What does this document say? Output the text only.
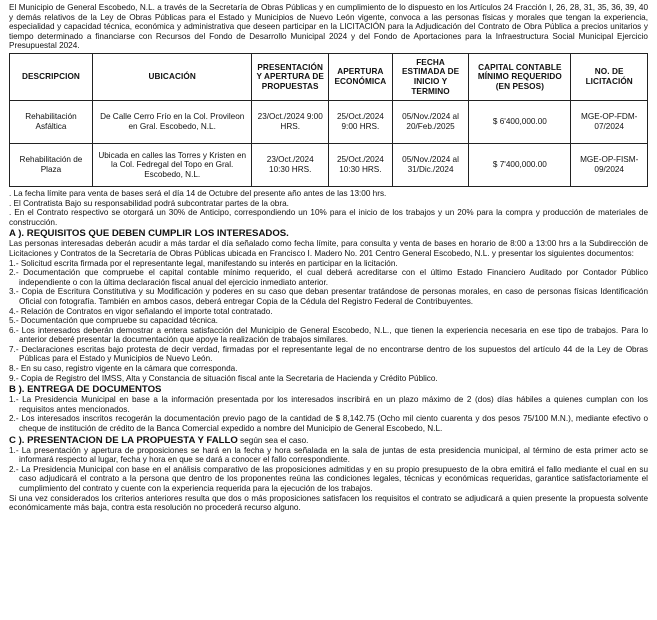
El Municipio de General Escobedo, N.L. a través de la Secretaría de Obras Públicas y en cumplimiento de lo dispuesto en los Artículos 24 Fracción I, 26, 28, 31, 35, 36, 39, 40 y demás relativos de la Ley de Obras Públicas para el Estado y Municipios de Nuevo León vigente, convoca a las personas físicas y morales que tengan la experiencia, especialidad y capacidad técnica, económica y administrativa que deseen participar en la LICITACIÓN para la Adjudicación del Contrato de Obra Pública a precios unitarios y tiempo determinado a financiarse con Recursos del Fondo de Desarrollo Municipal 2024 y del Fondo de Aportaciones para la Infraestructura Social Municipal Ejercicio Presupuestal 2024.

DESCRIPCION	UBICACIÓN	PRESENTACIÓN Y APERTURA DE PROPUESTAS	APERTURA ECONÓMICA	FECHA ESTIMADA DE INICIO Y TERMINO	CAPITAL CONTABLE MÍNIMO REQUERIDO (EN PESOS)	NO. DE LICITACIÓN
Rehabilitación Asfáltica	De Calle Cerro Frío en la Col. Provileon en Gral. Escobedo, N.L.	23/Oct./2024 9:00 HRS.	25/Oct./2024 9:00 HRS.	05/Nov./2024 al 20/Feb./2025	$ 6'400,000.00	MGE-OP-FDM-07/2024
Rehabilitación de Plaza	Ubicada en calles las Torres y Kristen en la Col. Fedregal del Topo en Gral. Escobedo, N.L.	23/Oct./2024 10:30 HRS.	25/Oct./2024 10:30 HRS.	05/Nov./2024 al 31/Dic./2024	$ 7'400,000.00	MGE-OP-FISM-09/2024

. La fecha límite para venta de bases será el día 14 de Octubre del presente año antes de las 13:00 hrs.

. El Contratista Bajo su responsabilidad podrá subcontratar partes de la obra.

. En el Contrato respectivo se otorgará un 30% de Anticipo, correspondiendo un 10% para el inicio de los trabajos y un 20% para la compra y producción de materiales de construcción.

A ). REQUISITOS QUE DEBEN CUMPLIR LOS INTERESADOS.

Las personas interesadas deberán acudir a más tardar el día señalado como fecha límite, para consulta y venta de bases en horario de 8:00 a 13:00 hrs a la Subdirección de Licitaciones y Contratos de la Secretaría de Obras Públicas ubicada en Francisco I. Madero No. 201 Centro General Escobedo, N.L. y presentar los siguientes documentos:

1.- Solicitud escrita firmada por el representante legal, manifestando su interés en participar en la licitación.
2.- Documentación que compruebe el capital contable mínimo requerido, el cual deberá acreditarse con el último Estado Financiero Auditado por Contador Público independiente o con la última declaración fiscal anual del ejercicio inmediato anterior.
3.- Copia de Escritura Constitutiva y su Modificación y poderes en su caso que deban presentar tratándose de personas morales, en caso de personas físicas Identificación Oficial con fotografía. También en ambos casos, deberá entregar Copia de la Cédula del Registro Federal de Contribuyentes.
4.- Relación de Contratos en vigor señalando el importe total contratado.
5.- Documentación que compruebe su capacidad técnica.
6.- Los interesados deberán demostrar a entera satisfacción del Municipio de General Escobedo, N.L., que tienen la experiencia necesaria en ese tipo de trabajos. Para lo anterior deberé presentar la documentación que apoye la realización de trabajos similares.
7.- Declaraciones escritas bajo protesta de decir verdad, firmadas por el representante legal de no encontrarse dentro de los supuestos del artículo 44 de la Ley de Obras Públicas para el Estado y Municipios de Nuevo León.
8.- En su caso, registro vigente en la cámara que corresponda.
9.- Copia de Registro del IMSS, Alta y Constancia de situación fiscal ante la Secretaria de Hacienda y Crédito Público.

B ). ENTREGA DE DOCUMENTOS

1.- La Presidencia Municipal en base a la información presentada por los interesados inscribirá en un plazo máximo de 2 (dos) días hábiles a quienes cumplan con los requisitos antes mencionados.
2.- Los interesados inscritos recogerán la documentación previo pago de la cantidad de $ 8,142.75 (Ocho mil ciento cuarenta y dos pesos 75/100 M.N.), mediante efectivo o cheque de institución de crédito de la Banca Comercial expedido a nombre del Municipio de General Escobedo, N.L.

C ). PRESENTACION DE LA PROPUESTA Y FALLO según sea el caso.

1.- La presentación y apertura de proposiciones se hará en la fecha y hora señalada en la sala de juntas de esta presidencia municipal, al término de esta primer acto se informará respecto al lugar, fecha y hora en que se dará a conocer el fallo correspondiente.
2.- La Presidencia Municipal con base en el análisis comparativo de las proposiciones admitidas y en su propio presupuesto de la obra emitirá el fallo mediante el cual en su caso adjudicará el contrato a la persona que dentro de los proponentes reúna las condiciones legales, técnicas y económicas requeridas, garantice satisfactoriamente el cumplimiento del contrato y cuente con la experiencia requerida para la ejecución de los trabajos.

Si una vez considerados los criterios anteriores resulta que dos o más proposiciones satisfacen los requisitos el contrato se adjudicará a quien presente la propuesta solvente económicamente más baja, contra esta resolución no procederá recurso alguno.
